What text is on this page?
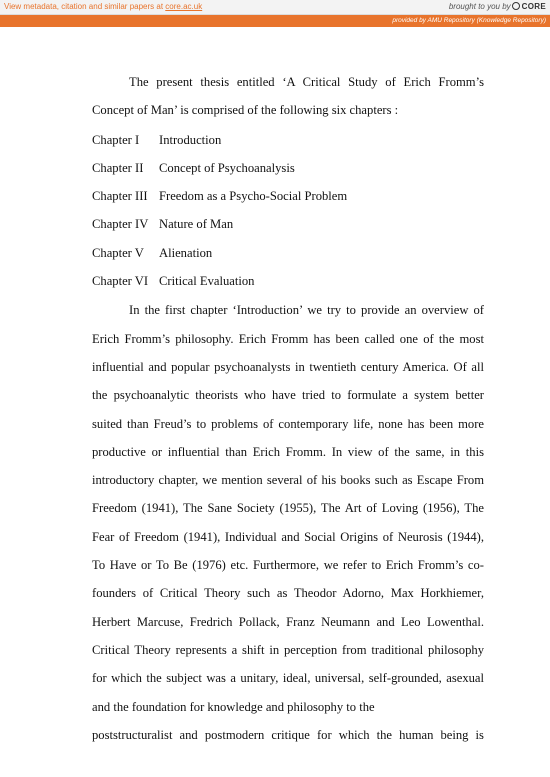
View metadata, citation and similar papers at core.ac.uk	brought to you by CORE
provided by AMU Repository (Knowledge Repository)

The present thesis entitled ‘A Critical Study of Erich Fromm’s Concept of Man’ is comprised of the following six chapters :

Chapter I	Introduction
Chapter II	Concept of Psychoanalysis
Chapter III Freedom as a Psycho-Social Problem
Chapter IV Nature of Man
Chapter V	Alienation
Chapter VI Critical Evaluation

In the first chapter ‘Introduction’ we try to provide an overview of Erich Fromm’s philosophy. Erich Fromm has been called one of the most influential and popular psychoanalysts in twentieth century America. Of all the psychoanalytic theorists who have tried to formulate a system better suited than Freud’s to problems of contemporary life, none has been more productive or influential than Erich Fromm. In view of the same, in this introductory chapter, we mention several of his books such as Escape From Freedom (1941), The Sane Society (1955), The Art of Loving (1956), The Fear of Freedom (1941), Individual and Social Origins of Neurosis (1944), To Have or To Be (1976) etc. Furthermore, we refer to Erich Fromm’s co-founders of Critical Theory such as Theodor Adorno, Max Horkhiemer, Herbert Marcuse, Fredrich Pollack, Franz Neumann and Leo Lowenthal. Critical Theory represents a shift in perception from traditional philosophy for which the subject was a unitary, ideal, universal, self-grounded, asexual and the foundation for knowledge and philosophy to the

poststructuralist and postmodern critique for which the human being is
